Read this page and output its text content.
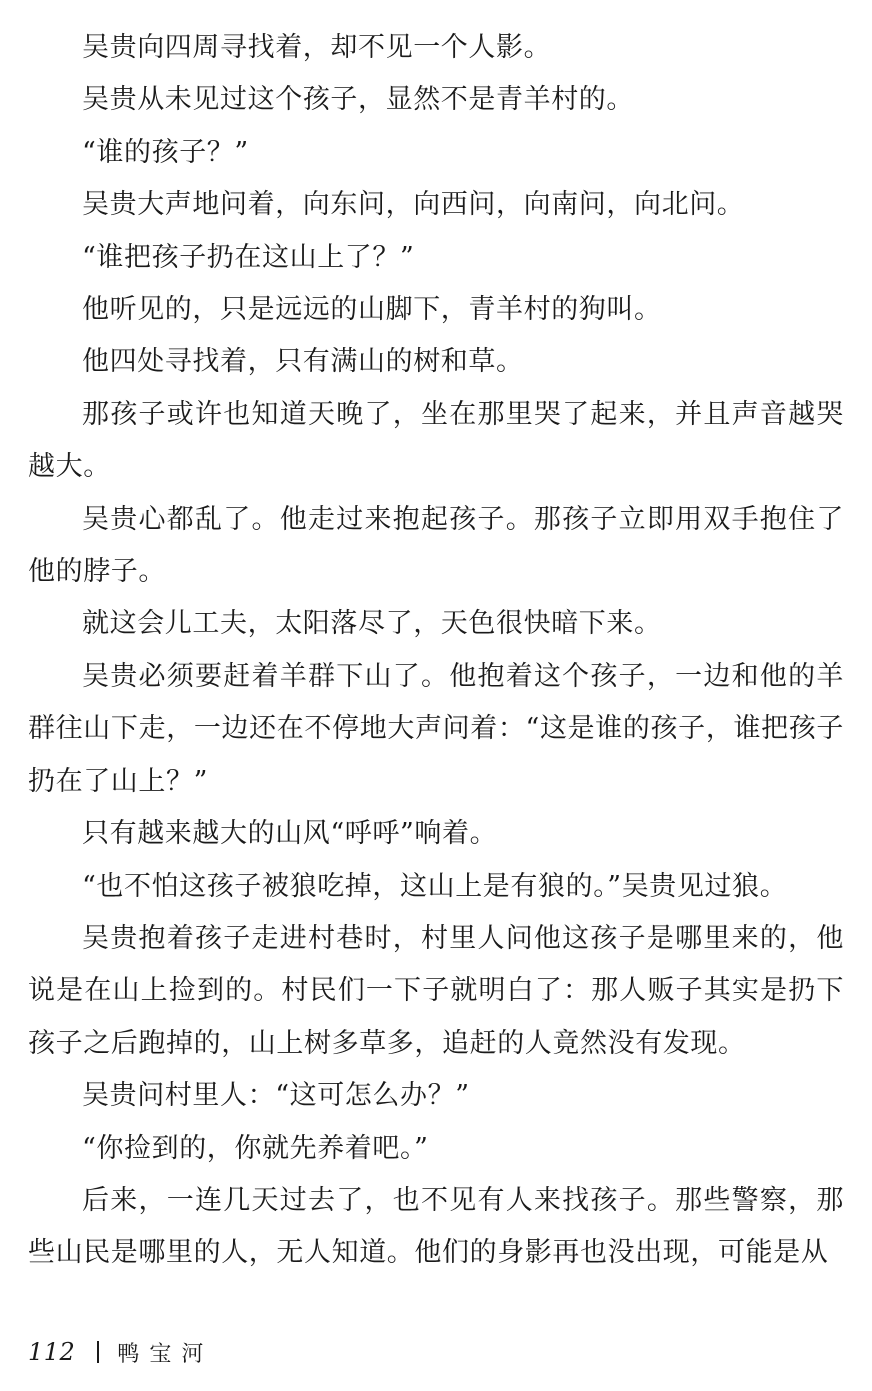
吴贵向四周寻找着，却不见一个人影。

吴贵从未见过这个孩子，显然不是青羊村的。

“谁的孩子？”

吴贵大声地问着，向东问，向西问，向南问，向北问。

“谁把孩子扔在这山上了？”

他听见的，只是远远的山脚下，青羊村的狗叫。

他四处寻找着，只有满山的树和草。

那孩子或许也知道天晚了，坐在那里哭了起来，并且声音越哭越大。

吴贵心都乱了。他走过来抱起孩子。那孩子立即用双手抱住了他的脖子。

就这会儿工夫，太阳落尽了，天色很快暗下来。

吴贵必须要赶着羊群下山了。他抱着这个孩子，一边和他的羊群往山下走，一边还在不停地大声问着：“这是谁的孩子，谁把孩子扔在了山上？”

只有越来越大的山风“呼呼”响着。

“也不怕这孩子被狼吃掉，这山上是有狼的。”吴贵见过狼。

吴贵抱着孩子走进村巷时，村里人问他这孩子是哪里来的，他说是在山上捡到的。村民们一下子就明白了：那人贩子其实是扔下孩子之后跑掉的，山上树多草多，追赶的人竟然没有发现。

吴贵问村里人：“这可怎么办？”

“你捡到的，你就先养着吧。”

后来，一连几天过去了，也不见有人来找孩子。那些警察，那些山民是哪里的人，无人知道。他们的身影再也没出现，可能是从

112 鸭宝河
